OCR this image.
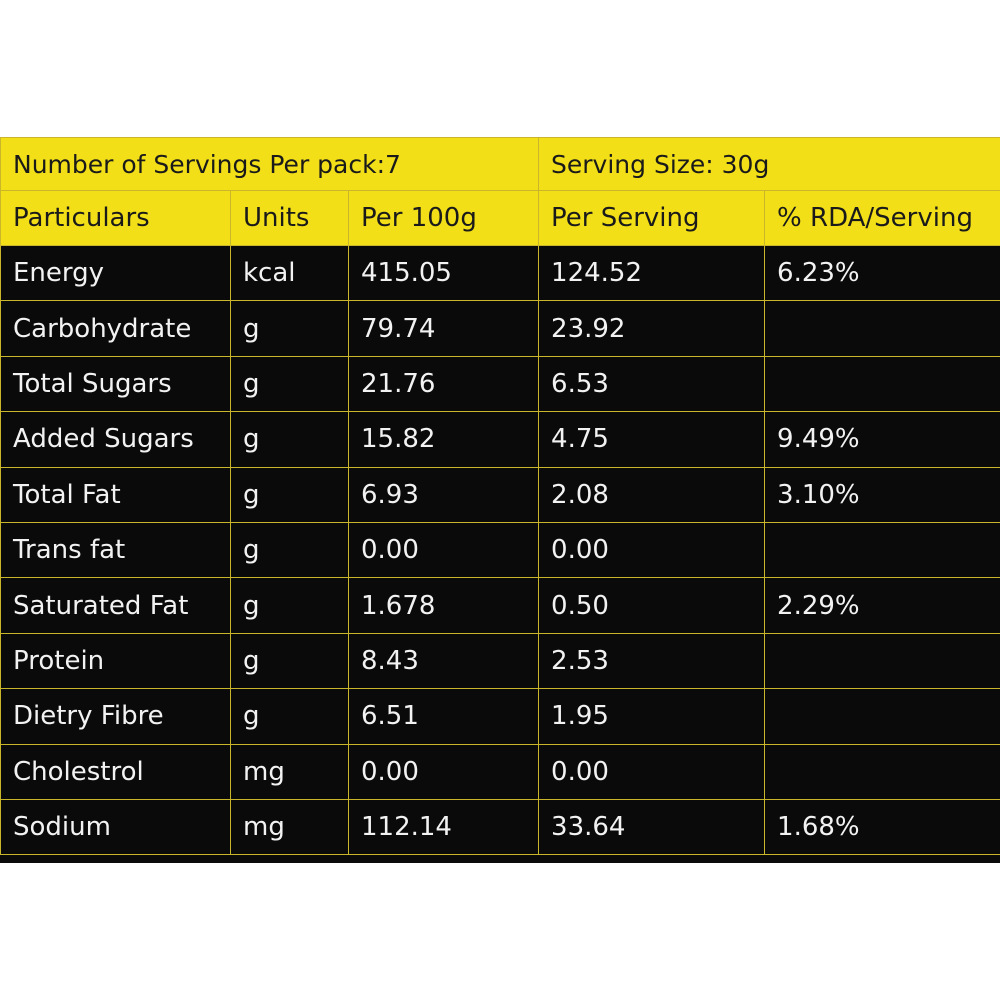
Number of Servings Per pack:7			Serving Size: 30g	
Particulars	Units	Per 100g	Per Serving	% RDA/Serving
Energy	kcal	415.05	124.52	6.23%
Carbohydrate	g	79.74	23.92	
Total Sugars	g	21.76	6.53	
Added Sugars	g	15.82	4.75	9.49%
Total Fat	g	6.93	2.08	3.10%
Trans fat	g	0.00	0.00	
Saturated Fat	g	1.678	0.50	2.29%
Protein	g	8.43	2.53	
Dietry Fibre	g	6.51	1.95	
Cholestrol	mg	0.00	0.00	
Sodium	mg	112.14	33.64	1.68%
